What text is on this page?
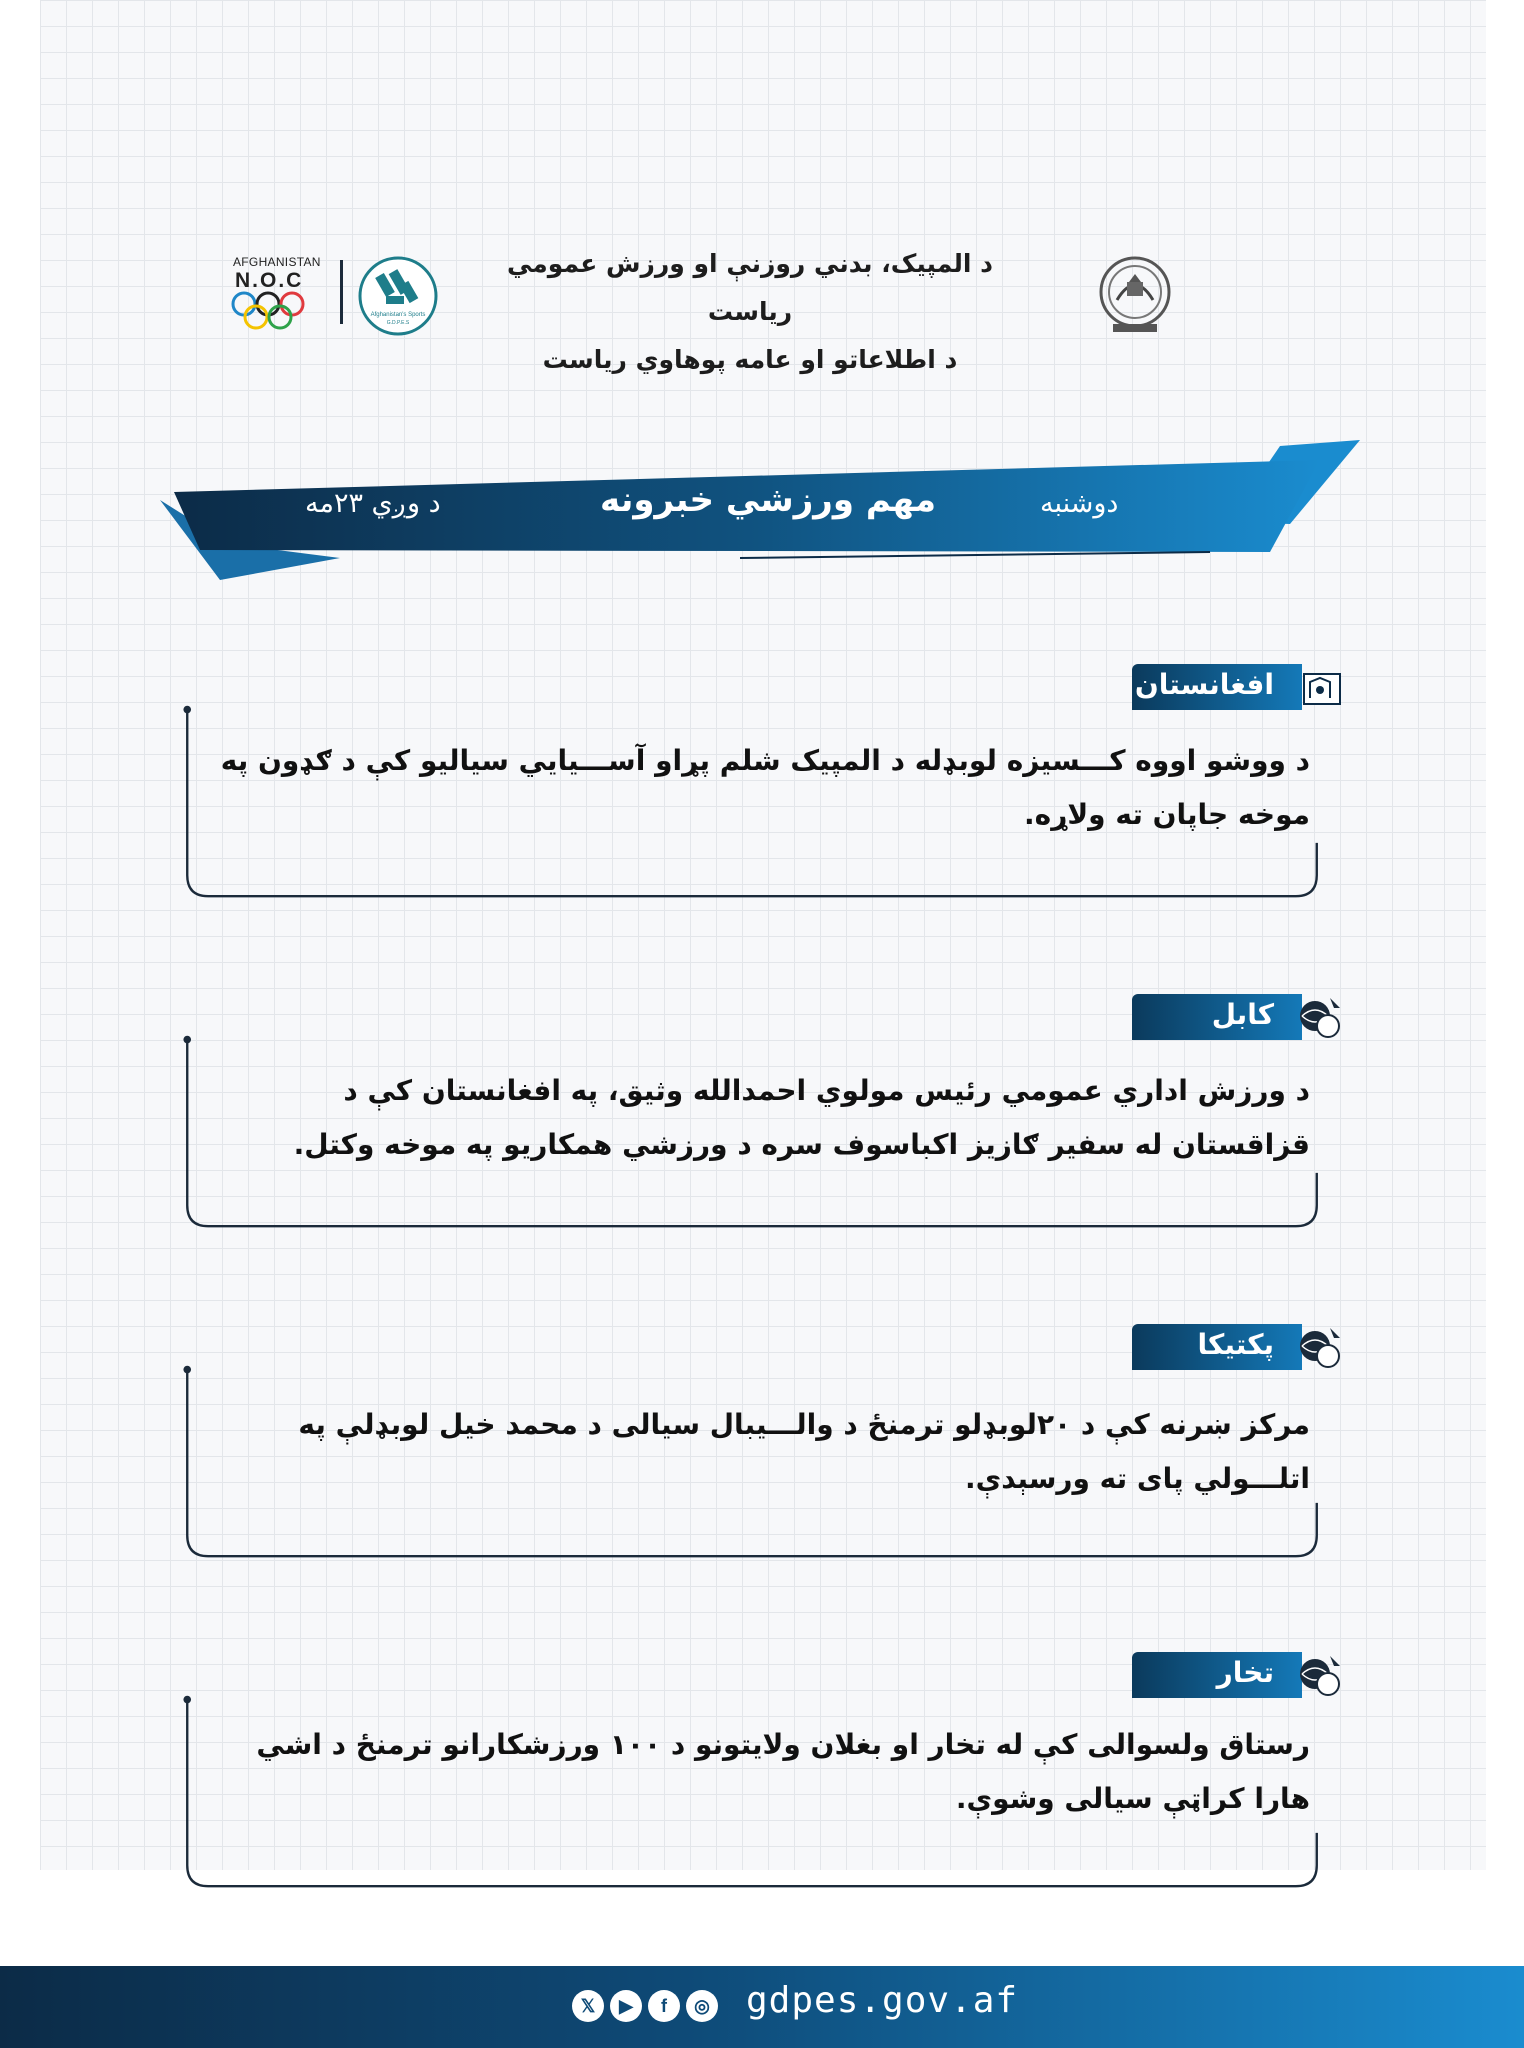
AFGHANISTAN
N.O.C
Afghanistan's Sports
G.D.P.E.S
د المپیک، بدني روزنې او ورزش عمومي ریاست
د اطلاعاتو او عامه پوهاوي ریاست
مهم ورزشي خبرونه	دوشنبه
د وږي ۲۳مه
افغانستان
د ووشو اووه کـــسیزه لوبډله د المپیک شلم پړاو آســـیایي سیالیو کې د ګډون په موخه جاپان ته ولاړه.
کابل
د ورزش اداري عمومي رئیس مولوي احمدالله وثیق، په افغانستان کې د قزاقستان له سفیر ګازیز اکباسوف سره د ورزشي همکاریو په موخه وکتل.
پکتیکا
مرکز ښرنه کې د ۲۰لوبډلو ترمنځ د والـــیبال سیالی د محمد خیل لوبډلې په اتلـــولي پای ته ورسېدې.
تخار
رستاق ولسوالی کې له تخار او بغلان ولایتونو د ۱۰۰ ورزشکارانو ترمنځ د اشي هارا کراټې سیالی وشوې.
𝕏	▶	f	◎ gdpes.gov.af
